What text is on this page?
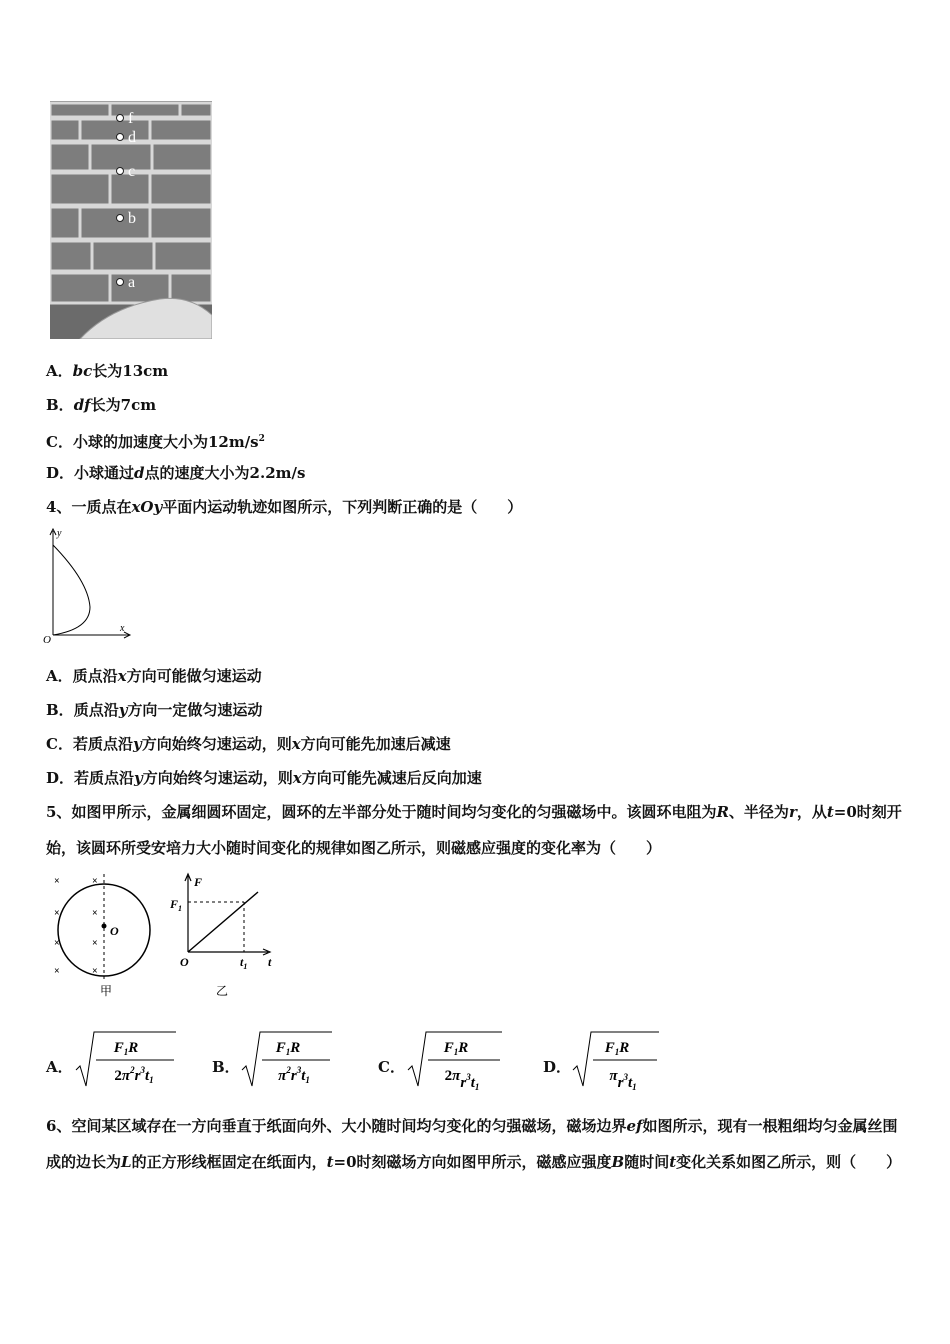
f
d
c
b
a
A．bc长为13cm
B．df长为7cm
C．小球的加速度大小为$12m/s^2$
D．小球通过d点的速度大小为2.2m/s
4、一质点在xOy平面内运动轨迹如图所示，下列判断正确的是（　　）
y
x
O
A．质点沿x方向可能做匀速运动
B．质点沿y方向一定做匀速运动
C．若质点沿y方向始终匀速运动，则x方向可能先加速后减速
D．若质点沿y方向始终匀速运动，则x方向可能先减速后反向加速
5、如图甲所示，金属细圆环固定，圆环的左半部分处于随时间均匀变化的匀强磁场中。该圆环电阻为R、半径为r，从t=0时刻开始，该圆环所受安培力大小随时间变化的规律如图乙所示，则磁感应强度的变化率为（　　）
×	×
×	×
×	×
×	×
O
甲
F
$F_1$
t
$t_1$
O
乙
A．
$F_1R$
$2\pi^2r^3t_1$
B．
$F_1R$
$\pi^2r^3t_1$
C．
$F_1R$
$2\pi r^3t_1$
D．
$F_1R$
$\pi r^3t_1$
6、空间某区域存在一方向垂直于纸面向外、大小随时间均匀变化的匀强磁场，磁场边界ef如图所示，现有一根粗细均匀金属丝围成的边长为L的正方形线框固定在纸面内，t=0时刻磁场方向如图甲所示，磁感应强度B随时间t变化关系如图乙所示，则（　　）
